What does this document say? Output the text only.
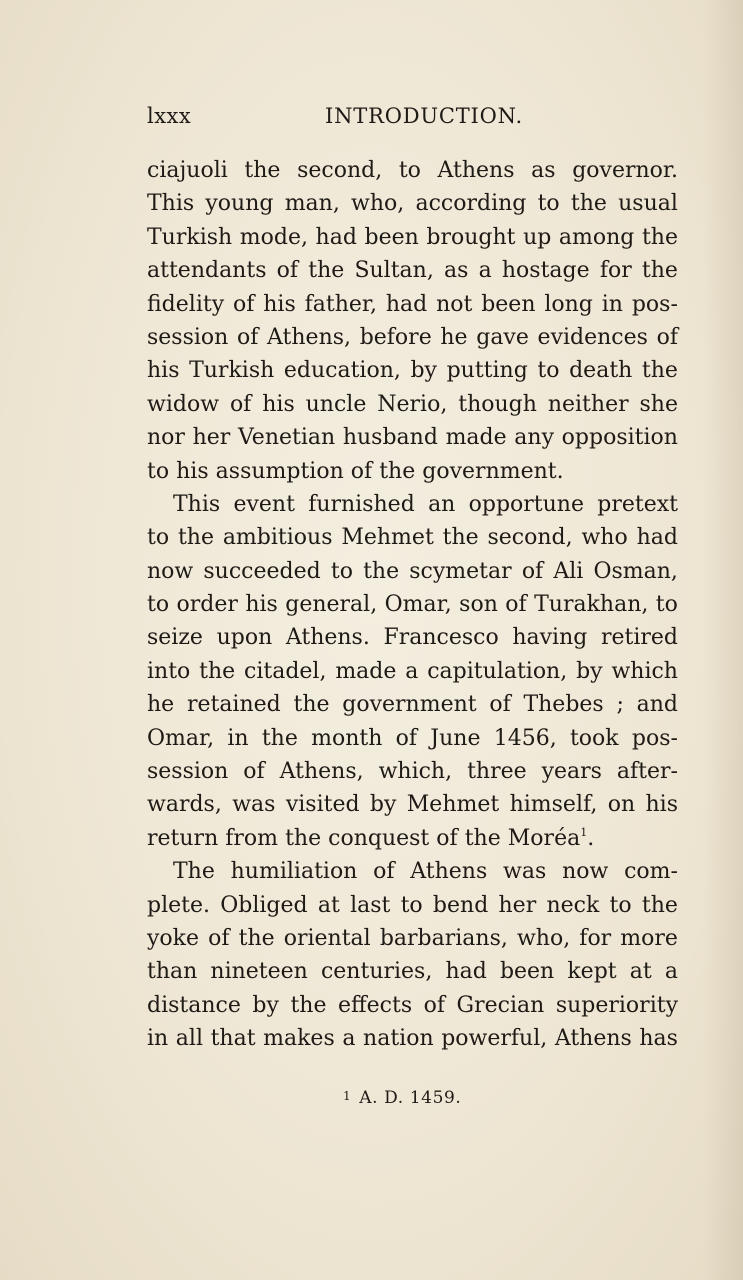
lxxx	INTRODUCTION.
ciajuoli the second, to Athens as governor.
This young man, who, according to the usual
Turkish mode, had been brought up among the
attendants of the Sultan, as a hostage for the
fidelity of his father, had not been long in pos-
session of Athens, before he gave evidences of
his Turkish education, by putting to death the
widow of his uncle Nerio, though neither she
nor her Venetian husband made any opposition
to his assumption of the government.
This event furnished an opportune pretext
to the ambitious Mehmet the second, who had
now succeeded to the scymetar of Ali Osman,
to order his general, Omar, son of Turakhan, to
seize upon Athens. Francesco having retired
into the citadel, made a capitulation, by which
he retained the government of Thebes ; and
Omar, in the month of June 1456, took pos-
session of Athens, which, three years after-
wards, was visited by Mehmet himself, on his
return from the conquest of the Moréa$^1$.
The humiliation of Athens was now com-
plete. Obliged at last to bend her neck to the
yoke of the oriental barbarians, who, for more
than nineteen centuries, had been kept at a
distance by the effects of Grecian superiority
in all that makes a nation powerful, Athens has
1 A. D. 1459.
